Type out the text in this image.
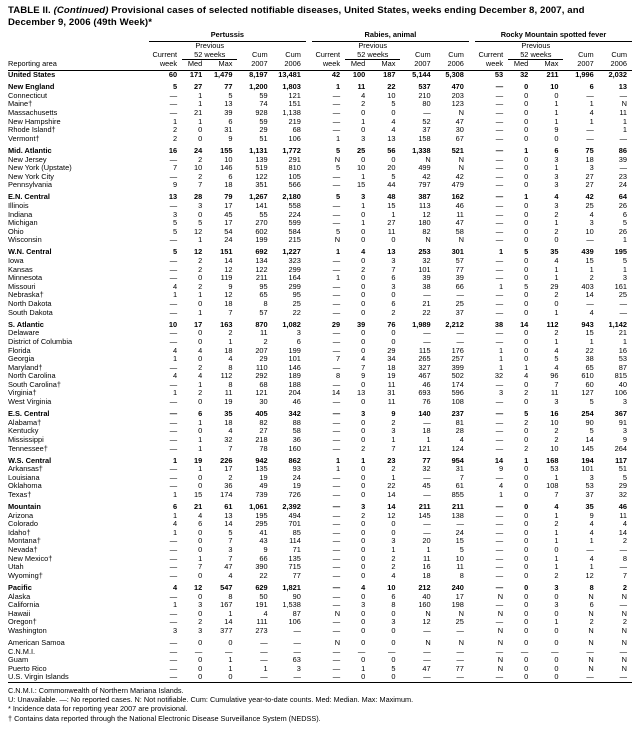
TABLE II. (Continued) Provisional cases of selected notifiable diseases, United States, weeks ending December 8, 2007, and December 9, 2006 (49th Week)*
	Pertussis						Rabies, animal						Rocky Mountain spotted fever				
		Previous						Previous						Previous			
	Current	52 weeks		Cum	Cum		Current	52 weeks		Cum	Cum		Current	52 weeks		Cum	Cum
Reporting area	week	Med	Max	2007	2006		week	Med	Max	2007	2006		week	Med	Max	2007	2006
United States	60	171	1,479	8,197	13,481		42	100	187	5,144	5,308		53	32	211	1,996	2,032
New England	5	27	77	1,200	1,803		1	11	22	537	470		—	0	10	6	13
Connecticut	—	1	5	59	121		—	4	10	210	203		—	0	0	—	—
Maine†	—	1	13	74	151		—	2	5	80	123		—	0	1	1	N
Massachusetts	—	21	39	928	1,138		—	0	0	—	N		—	0	1	4	11
New Hampshire	1	1	6	59	219		—	1	4	52	47		—	0	1	1	1
Rhode Island†	2	0	31	29	68		—	0	4	37	30		—	0	9	—	1
Vermont†	2	0	9	51	106		1	3	13	158	67		—	0	0	—	—
Mid. Atlantic	16	24	155	1,131	1,772		5	25	56	1,338	521		—	1	6	75	86
New Jersey	—	2	10	139	291		N	0	0	N	N		—	0	3	18	39
New York (Upstate)	7	10	146	519	810		5	10	20	499	N		—	0	1	3	—
New York City	—	2	6	122	105		—	1	5	42	42		—	0	3	27	23
Pennsylvania	9	7	18	351	566		—	15	44	797	479		—	0	3	27	24
E.N. Central	13	28	79	1,267	2,180		5	3	48	387	162		—	1	4	42	64
Illinois	—	3	17	141	558		—	1	15	113	46		—	0	3	25	26
Indiana	3	0	45	55	224		—	0	1	12	11		—	0	2	4	6
Michigan	5	5	17	270	599		—	1	27	180	47		—	0	1	3	5
Ohio	5	12	54	602	584		5	0	11	82	58		—	0	2	10	26
Wisconsin	—	1	24	199	215		N	0	0	N	N		—	0	0	—	1
W.N. Central	5	12	151	692	1,227		1	4	13	253	301		1	5	35	439	195
Iowa	—	2	14	134	323		—	0	3	32	57		—	0	4	15	5
Kansas	—	2	12	122	299		—	2	7	101	77		—	0	1	1	1
Minnesota	—	0	119	211	164		1	0	6	39	39		—	0	1	2	3
Missouri	4	2	9	95	299		—	0	3	38	66		1	5	29	403	161
Nebraska†	1	1	12	65	95		—	0	0	—	—		—	0	2	14	25
North Dakota	—	0	18	8	25		—	0	6	21	25		—	0	0	—	—
South Dakota	—	1	7	57	22		—	0	2	22	37		—	0	1	4	—
S. Atlantic	10	17	163	870	1,082		29	39	76	1,989	2,212		38	14	112	943	1,142
Delaware	—	0	2	11	3		—	0	0	—	—		—	0	2	15	21
District of Columbia	—	0	1	2	6		—	0	0	—	—		—	0	1	1	1
Florida	4	4	18	207	199		—	0	29	115	176		1	0	4	22	16
Georgia	1	0	4	29	101		7	4	34	265	257		1	0	5	38	53
Maryland†	—	2	8	110	146		—	7	18	327	399		1	1	4	65	87
North Carolina	4	4	112	292	189		8	9	19	467	502		32	4	96	610	815
South Carolina†	—	1	8	68	188		—	0	11	46	174		—	0	7	60	40
Virginia†	1	2	11	121	204		14	13	31	693	596		3	2	11	127	106
West Virginia	—	0	19	30	46		—	0	11	76	108		—	0	3	5	3
E.S. Central	—	6	35	405	342		—	3	9	140	237		—	5	16	254	367
Alabama†	—	1	18	82	88		—	0	2	—	81		—	2	10	90	91
Kentucky	—	0	4	27	58		—	0	3	18	28		—	0	2	5	3
Mississippi	—	1	32	218	36		—	0	1	1	4		—	0	2	14	9
Tennessee†	—	1	7	78	160		—	2	7	121	124		—	2	10	145	264
W.S. Central	1	19	226	942	862		1	1	23	77	954		14	1	168	194	117
Arkansas†	—	1	17	135	93		1	0	2	32	31		9	0	53	101	51
Louisiana	—	0	2	19	24		—	0	1	—	7		—	0	1	3	5
Oklahoma	—	0	36	49	19		—	0	22	45	61		4	0	108	53	29
Texas†	1	15	174	739	726		—	0	14	—	855		1	0	7	37	32
Mountain	6	21	61	1,061	2,392		—	3	14	211	211		—	0	4	35	46
Arizona	1	4	13	195	494		—	2	12	145	138		—	0	1	9	11
Colorado	4	6	14	295	701		—	0	0	—	—		—	0	2	4	4
Idaho†	1	0	5	41	85		—	0	0	—	24		—	0	1	4	14
Montana†	—	0	7	43	114		—	0	3	20	15		—	0	1	1	2
Nevada†	—	0	3	9	71		—	0	1	1	5		—	0	0	—	—
New Mexico†	—	1	7	66	135		—	0	2	11	10		—	0	1	4	8
Utah	—	7	47	390	715		—	0	2	16	11		—	0	1	1	—
Wyoming†	—	0	4	22	77		—	0	4	18	8		—	0	2	12	7
Pacific	4	12	547	629	1,821		—	4	10	212	240		—	0	3	8	2
Alaska	—	0	8	50	90		—	0	6	40	17		N	0	0	N	N
California	1	3	167	191	1,538		—	3	8	160	198		—	0	3	6	—
Hawaii	—	0	1	4	87		N	0	0	N	N		N	0	0	N	N
Oregon†	—	2	14	111	106		—	0	3	12	25		—	0	1	2	2
Washington	3	3	377	273	—		—	0	0	—	—		N	0	0	N	N
American Samoa	—	0	0	—	—		N	0	0	N	N		N	0	0	N	N
C.N.M.I.	—	—	—	—	—		—	—	—	—	—		—	—	—	—	—
Guam	—	0	1	—	63		—	0	0	—	—		N	0	0	N	N
Puerto Rico	—	0	1	1	3		—	1	5	47	77		N	0	0	N	N
U.S. Virgin Islands	—	0	0	—	—		—	0	0	—	—		—	0	0	—	—
C.N.M.I.: Commonwealth of Northern Mariana Islands.
U: Unavailable. —: No reported cases. N: Not notifiable. Cum: Cumulative year-to-date counts. Med: Median. Max: Maximum.
* Incidence data for reporting year 2007 are provisional.
† Contains data reported through the National Electronic Disease Surveillance System (NEDSS).
